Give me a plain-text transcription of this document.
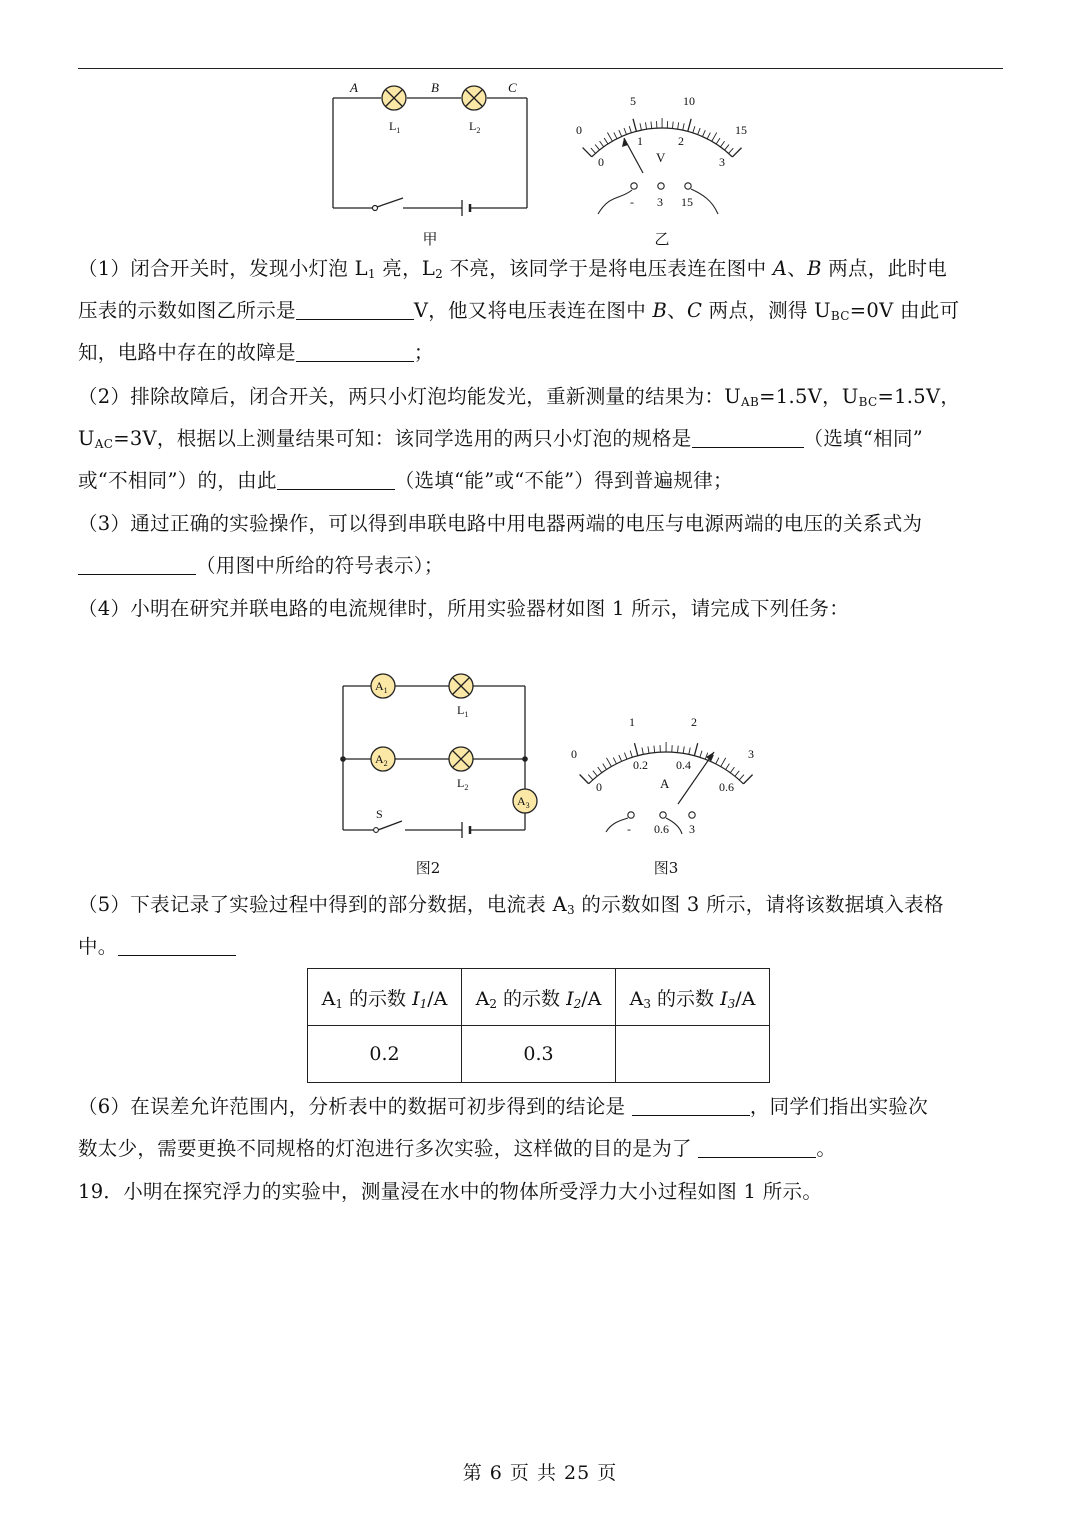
A	B	C
$L_1$	$L_2$
甲
0
5	10
15
0
1	2
3
V
- 3 15
乙
（1）闭合开关时，发现小灯泡 $L_1$ 亮，$L_2$ 不亮，该同学于是将电压表连在图中 A、B 两点，此时电
压表的示数如图乙所示是	V，他又将电压表连在图中 B、C 两点，测得 $U_{BC}=0V$ 由此可
知，电路中存在的故障是	；
（2）排除故障后，闭合开关，两只小灯泡均能发光，重新测量的结果为：$U_{AB}=1.5V$，$U_{BC}=1.5V$，
$U_{AC}=3V$，根据以上测量结果可知：该同学选用的两只小灯泡的规格是	（选填“相同”
或“不相同”）的，由此	（选填“能”或“不能”）得到普遍规律；
（3）通过正确的实验操作，可以得到串联电路中用电器两端的电压与电源两端的电压的关系式为
（用图中所给的符号表示）；
（4）小明在研究并联电路的电流规律时，所用实验器材如图 1 所示，请完成下列任务：
$A_1$
$A_2$
$A_3$
$L_1$
$L_2$
S
图2
0
1	2
3
0
0.2 0.4
0.6
A
- 0.6 3
图3
（5）下表记录了实验过程中得到的部分数据，电流表 $A_3$ 的示数如图 3 所示，请将该数据填入表格
中。
$A_1$ 的示数 $I_1/A$	$A_2$ 的示数 $I_2/A$	$A_3$ 的示数 $I_3/A$
0.2	0.3	
（6）在误差允许范围内，分析表中的数据可初步得到的结论是	，同学们指出实验次
数太少，需要更换不同规格的灯泡进行多次实验，这样做的目的是为了	。
19．小明在探究浮力的实验中，测量浸在水中的物体所受浮力大小过程如图 1 所示。
第 6 页 共 25 页
